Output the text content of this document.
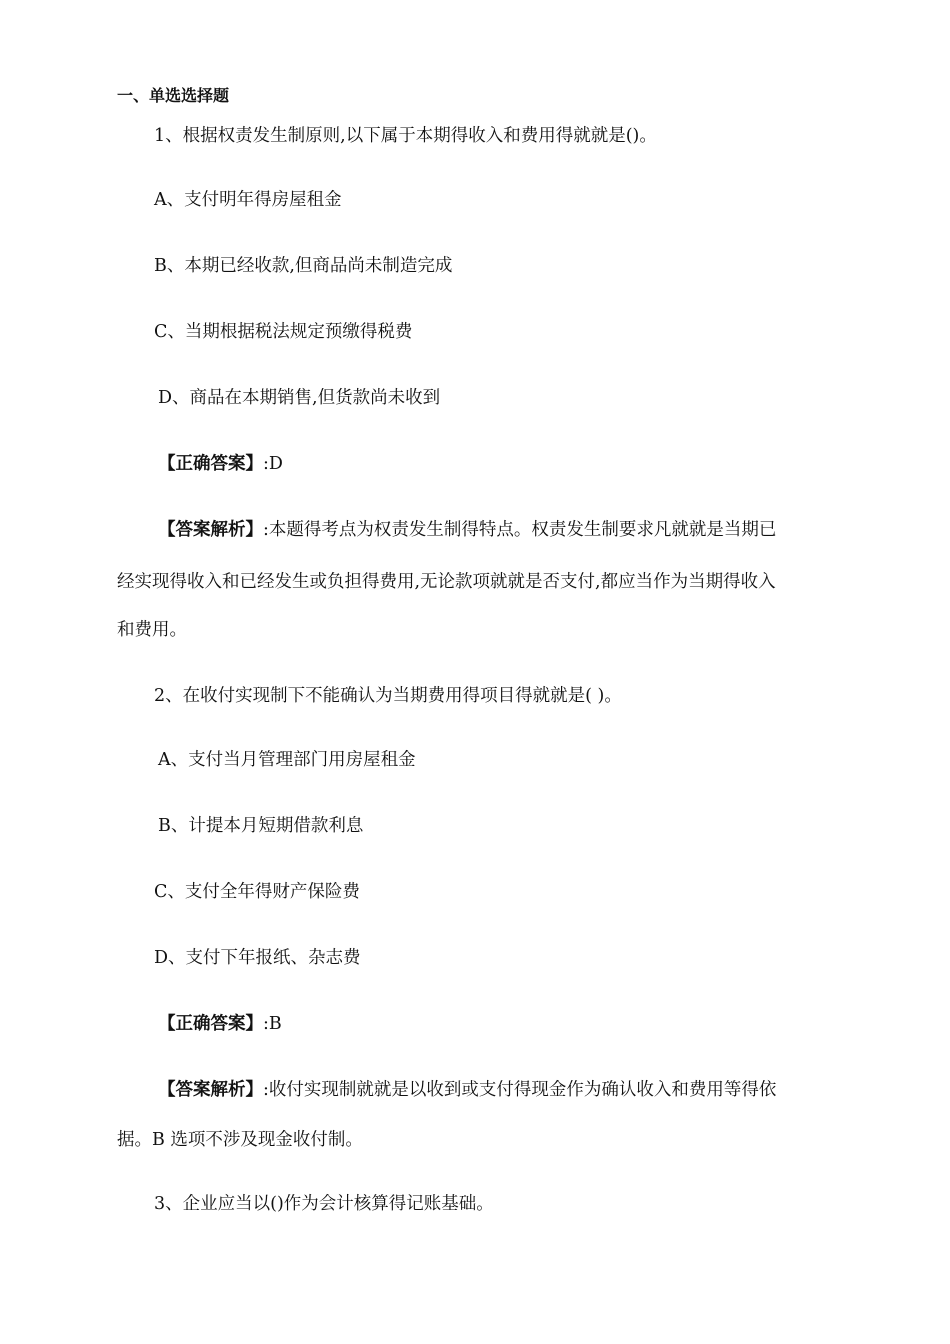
一、单选选择题
1、根据权责发生制原则,以下属于本期得收入和费用得就就是()。
A、支付明年得房屋租金
B、本期已经收款,但商品尚未制造完成
C、当期根据税法规定预缴得税费
D、商品在本期销售,但货款尚未收到
【正确答案】:D
【答案解析】:本题得考点为权责发生制得特点。权责发生制要求凡就就是当期已
经实现得收入和已经发生或负担得费用,无论款项就就是否支付,都应当作为当期得收入
和费用。
2、在收付实现制下不能确认为当期费用得项目得就就是( )。
A、支付当月管理部门用房屋租金
B、计提本月短期借款利息
C、支付全年得财产保险费
D、支付下年报纸、杂志费
【正确答案】:B
【答案解析】:收付实现制就就是以收到或支付得现金作为确认收入和费用等得依
据。B 选项不涉及现金收付制。
3、企业应当以()作为会计核算得记账基础。
